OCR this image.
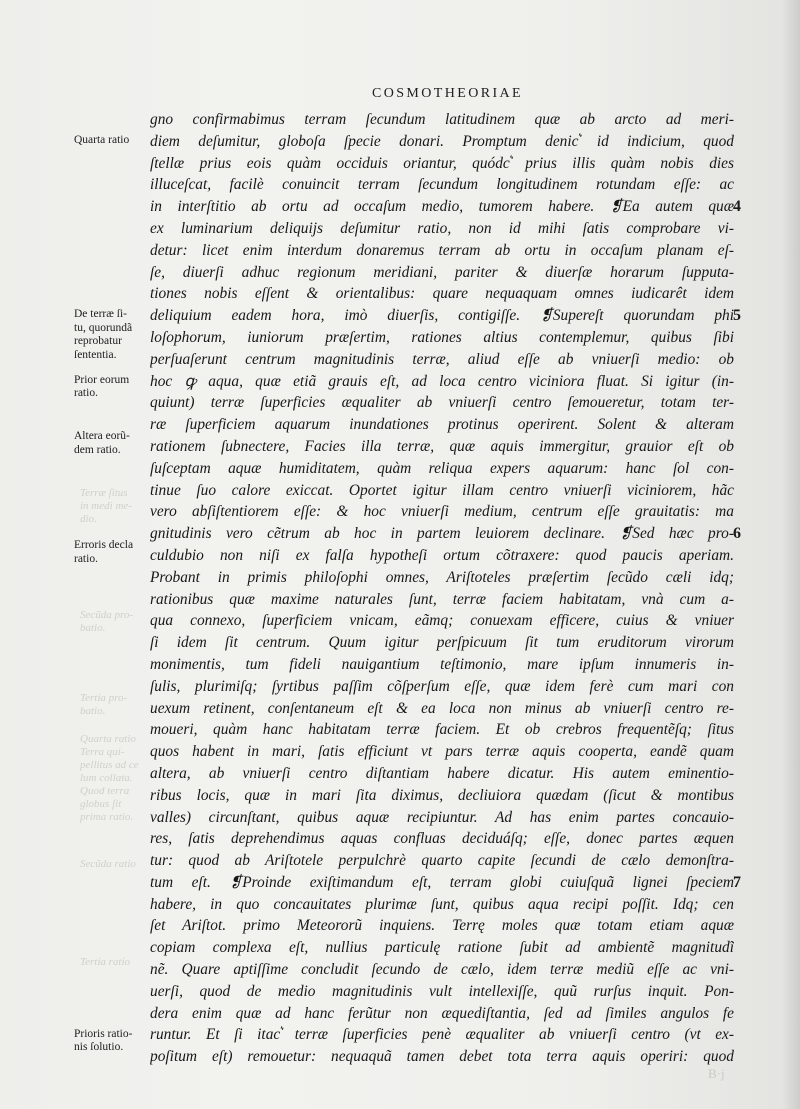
COSMOTHEORIAE
gno confirmabimus terram ſecundum latitudinem quæ ab arcto ad meri-
diem deſumitur, globoſa ſpecie donari. Promptum denic͛ id indicium, quod
ſtellæ prius eois quàm occiduis oriantur, quódc͛ prius illis quàm nobis dies
illuceſcat, facilè conuincit terram ſecundum longitudinem rotundam eſſe: ac
in interſtitio ab ortu ad occaſum medio, tumorem habere. ❡Ea autem quæ
ex luminarium deliquijs deſumitur ratio, non id mihi ſatis comprobare vi-
detur: licet enim interdum donaremus terram ab ortu in occaſum planam eſ-
ſe, diuerſi adhuc regionum meridiani, pariter & diuerſæ horarum ſupputa-
tiones nobis eſſent & orientalibus: quare nequaquam omnes iudicarêt idem
deliquium eadem hora, imò diuerſis, contigiſſe. ❡Supereſt quorundam phi
loſophorum, iuniorum præſertim, rationes altius contemplemur, quibus ſibi
perſuaſerunt centrum magnitudinis terræ, aliud eſſe ab vniuerſi medio: ob
hoc ꝙ aqua, quæ etiã grauis eſt, ad loca centro viciniora fluat. Si igitur (in-
quiunt) terræ ſuperficies æqualiter ab vniuerſi centro ſemoueretur, totam ter-
ræ ſuperficiem aquarum inundationes protinus operirent. Solent & alteram
rationem ſubnectere, Facies illa terræ, quæ aquis immergitur, grauior eſt ob
ſuſceptam aquæ humiditatem, quàm reliqua expers aquarum: hanc ſol con-
tinue ſuo calore exiccat. Oportet igitur illam centro vniuerſi viciniorem, hãc
vero abſiſtentiorem eſſe: & hoc vniuerſi medium, centrum eſſe grauitatis: ma
gnitudinis vero cẽtrum ab hoc in partem leuiorem declinare. ❡Sed hæc pro-
culdubio non niſi ex falſa hypotheſi ortum cõtraxere: quod paucis aperiam.
Probant in primis philoſophi omnes, Ariſtoteles præſertim ſecũdo cæli idq;
rationibus quæ maxime naturales ſunt, terræ faciem habitatam, vnà cum a-
qua connexo, ſuperficiem vnicam, eãmq; conuexam efficere, cuius & vniuer
ſi idem ſit centrum. Quum igitur perſpicuum ſit tum eruditorum virorum
monimentis, tum fideli nauigantium teſtimonio, mare ipſum innumeris in-
ſulis, plurimiſq; ſyrtibus paſſim cõſperſum eſſe, quæ idem ferè cum mari con
uexum retinent, conſentaneum eſt & ea loca non minus ab vniuerſi centro re-
moueri, quàm hanc habitatam terræ faciem. Et ob crebros frequentẽſq; ſitus
quos habent in mari, ſatis efficiunt vt pars terræ aquis cooperta, eandẽ quam
altera, ab vniuerſi centro diſtantiam habere dicatur. His autem eminentio-
ribus locis, quæ in mari ſita diximus, decliuiora quædam (ſicut & montibus
valles) circunſtant, quibus aquæ recipiuntur. Ad has enim partes concauio-
res, ſatis deprehendimus aquas confluas deciduáſq; eſſe, donec partes æquen
tur: quod ab Ariſtotele perpulchrè quarto capite ſecundi de cælo demonſtra-
tum eſt. ❡Proinde exiſtimandum eſt, terram globi cuiuſquã lignei ſpeciem
habere, in quo concauitates plurimæ ſunt, quibus aqua recipi poſſit. Idq; cen
ſet Ariſtot. primo Meteororũ inquiens. Terrę moles quæ totam etiam aquæ
copiam complexa eſt, nullius particulę ratione ſubit ad ambientẽ magnitudĩ
nẽ. Quare aptiſſime concludit ſecundo de cælo, idem terræ mediũ eſſe ac vni-
uerſi, quod de medio magnitudinis vult intellexiſſe, quũ rurſus inquit. Pon-
dera enim quæ ad hanc ferũtur non æquediſtantia, ſed ad ſimiles angulos fe
runtur. Et ſi itac͛ terræ ſuperficies penè æqualiter ab vniuerſi centro (vt ex-
poſitum eſt) remouetur: nequaquã tamen debet tota terra aquis operiri: quod
Quarta ratio
De terræ ſi-
tu, quorundã
reprobatur
ſententia.
Prior eorum
ratio.
Altera eorũ-
dem ratio.
Erroris decla
ratio.
Prioris ratio-
nis ſolutio.
Terræ ſitus
in medi me-
dio.
Secũda pro-
batio.
Tertia pro-
batio.
Quarta ratio
Terra qui-
pellitus ad ce
lum collata.
Quod terra
globus ſit
prima ratio.
Secũda ratio
Tertia ratio
4
5
6
7
B·j
